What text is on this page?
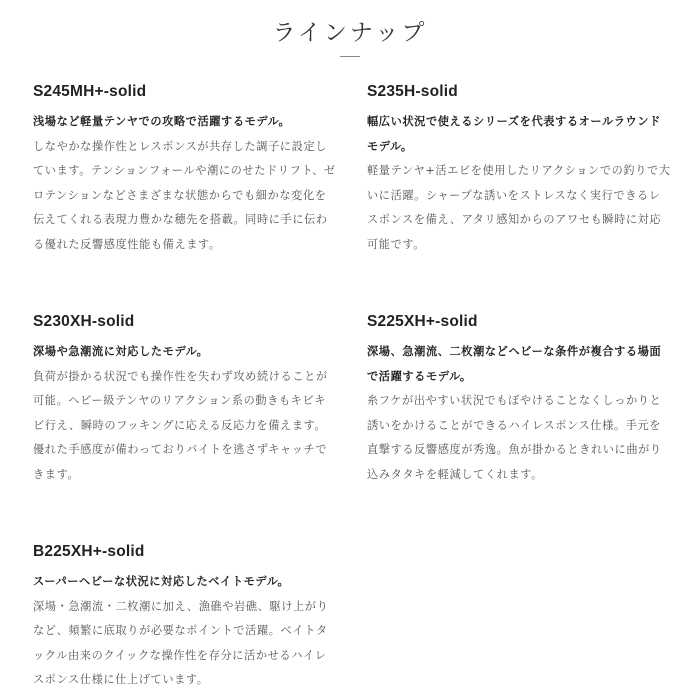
ラインナップ
S245MH+-solid

浅場など軽量テンヤでの攻略で活躍するモデル。

しなやかな操作性とレスポンスが共存した調子に設定しています。テンションフォールや潮にのせたドリフト、ゼロテンションなどさまざまな状態からでも細かな変化を伝えてくれる表現力豊かな穂先を搭載。同時に手に伝わる優れた反響感度性能も備えます。

S235H-solid

幅広い状況で使えるシリーズを代表するオールラウンドモデル。

軽量テンヤ+活エビを使用したリアクションでの釣りで大いに活躍。シャープな誘いをストレスなく実行できるレスポンスを備え、アタリ感知からのアワセも瞬時に対応可能です。

S230XH-solid

深場や急潮流に対応したモデル。

負荷が掛かる状況でも操作性を失わず攻め続けることが可能。ヘビー級テンヤのリアクション系の動きもキビキビ行え、瞬時のフッキングに応える反応力を備えます。優れた手感度が備わっておりバイトを逃さずキャッチできます。

S225XH+-solid

深場、急潮流、二枚潮などヘビーな条件が複合する場面で活躍するモデル。

糸フケが出やすい状況でもぼやけることなくしっかりと誘いをかけることができるハイレスポンス仕様。手元を直撃する反響感度が秀逸。魚が掛かるときれいに曲がり込みタタキを軽減してくれます。

B225XH+-solid

スーパーヘビーな状況に対応したベイトモデル。

深場・急潮流・二枚潮に加え、漁礁や岩礁、駆け上がりなど、頻繁に底取りが必要なポイントで活躍。ベイトタックル由来のクイックな操作性を存分に活かせるハイレスポンス仕様に仕上げています。
